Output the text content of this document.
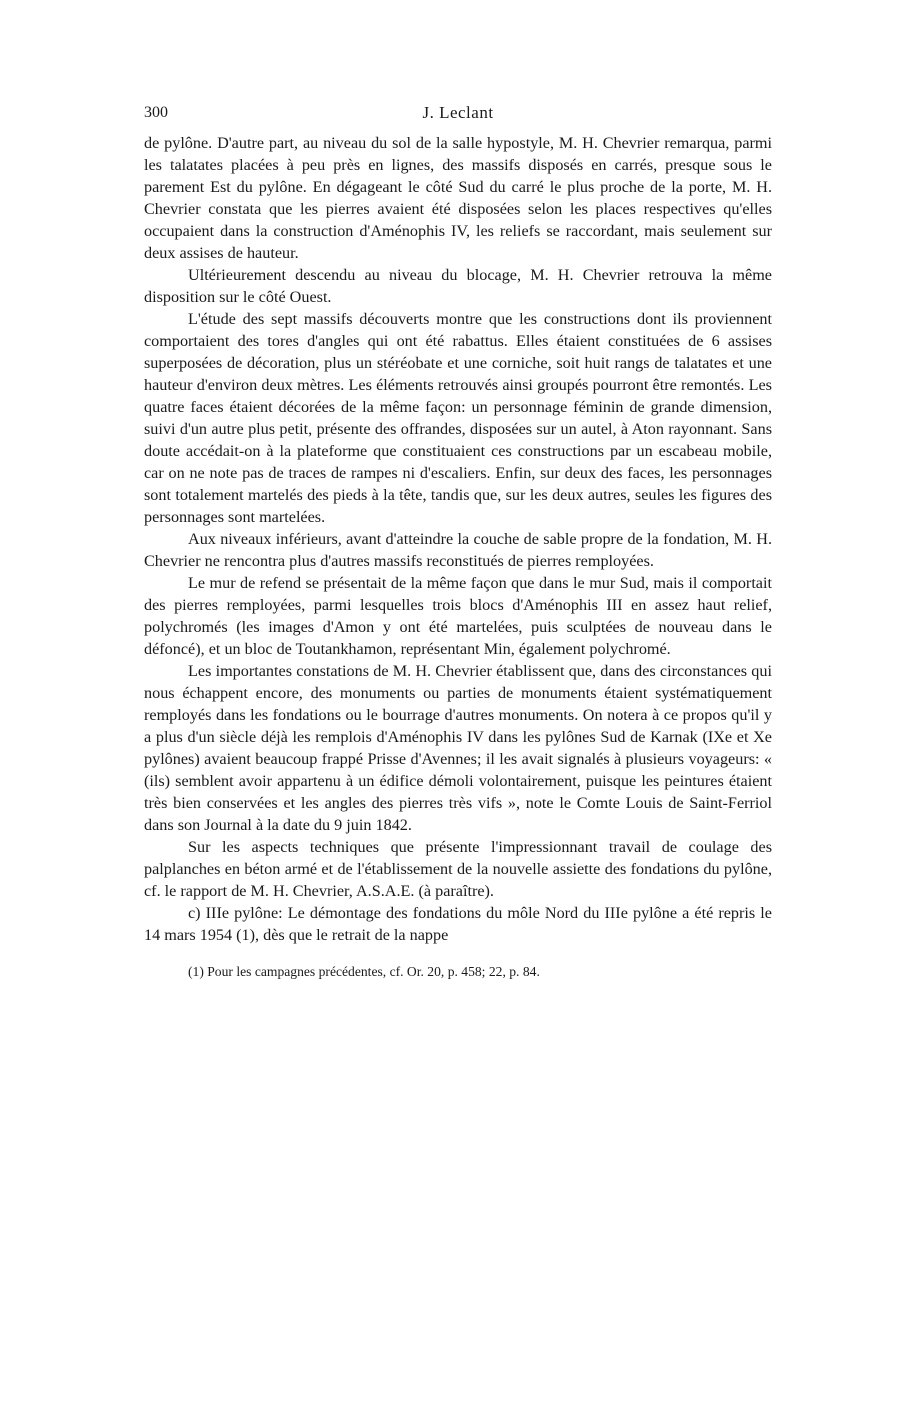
300	J. Leclant

de pylône. D'autre part, au niveau du sol de la salle hypostyle, M. H. Chevrier remarqua, parmi les talatates placées à peu près en lignes, des massifs disposés en carrés, presque sous le parement Est du pylône. En dégageant le côté Sud du carré le plus proche de la porte, M. H. Chevrier constata que les pierres avaient été disposées selon les places respectives qu'elles occupaient dans la construction d'Aménophis IV, les reliefs se raccordant, mais seulement sur deux assises de hauteur.

Ultérieurement descendu au niveau du blocage, M. H. Chevrier retrouva la même disposition sur le côté Ouest.

L'étude des sept massifs découverts montre que les constructions dont ils proviennent comportaient des tores d'angles qui ont été rabattus. Elles étaient constituées de 6 assises superposées de décoration, plus un stéréobate et une corniche, soit huit rangs de talatates et une hauteur d'environ deux mètres. Les éléments retrouvés ainsi groupés pourront être remontés. Les quatre faces étaient décorées de la même façon: un personnage féminin de grande dimension, suivi d'un autre plus petit, présente des offrandes, disposées sur un autel, à Aton rayonnant. Sans doute accédait-on à la plateforme que constituaient ces constructions par un escabeau mobile, car on ne note pas de traces de rampes ni d'escaliers. Enfin, sur deux des faces, les personnages sont totalement martelés des pieds à la tête, tandis que, sur les deux autres, seules les figures des personnages sont martelées.

Aux niveaux inférieurs, avant d'atteindre la couche de sable propre de la fondation, M. H. Chevrier ne rencontra plus d'autres massifs reconstitués de pierres remployées.

Le mur de refend se présentait de la même façon que dans le mur Sud, mais il comportait des pierres remployées, parmi lesquelles trois blocs d'Aménophis III en assez haut relief, polychromés (les images d'Amon y ont été martelées, puis sculptées de nouveau dans le défoncé), et un bloc de Toutankhamon, représentant Min, également polychromé.

Les importantes constations de M. H. Chevrier établissent que, dans des circonstances qui nous échappent encore, des monuments ou parties de monuments étaient systématiquement remployés dans les fondations ou le bourrage d'autres monuments. On notera à ce propos qu'il y a plus d'un siècle déjà les remplois d'Aménophis IV dans les pylônes Sud de Karnak (IXe et Xe pylônes) avaient beaucoup frappé Prisse d'Avennes; il les avait signalés à plusieurs voyageurs: « (ils) semblent avoir appartenu à un édifice démoli volontairement, puisque les peintures étaient très bien conservées et les angles des pierres très vifs », note le Comte Louis de Saint-Ferriol dans son Journal à la date du 9 juin 1842.

Sur les aspects techniques que présente l'impressionnant travail de coulage des palplanches en béton armé et de l'établissement de la nouvelle assiette des fondations du pylône, cf. le rapport de M. H. Chevrier, A.S.A.E. (à paraître).

c) IIIe pylône: Le démontage des fondations du môle Nord du IIIe pylône a été repris le 14 mars 1954 (1), dès que le retrait de la nappe

(1) Pour les campagnes précédentes, cf. Or. 20, p. 458; 22, p. 84.
